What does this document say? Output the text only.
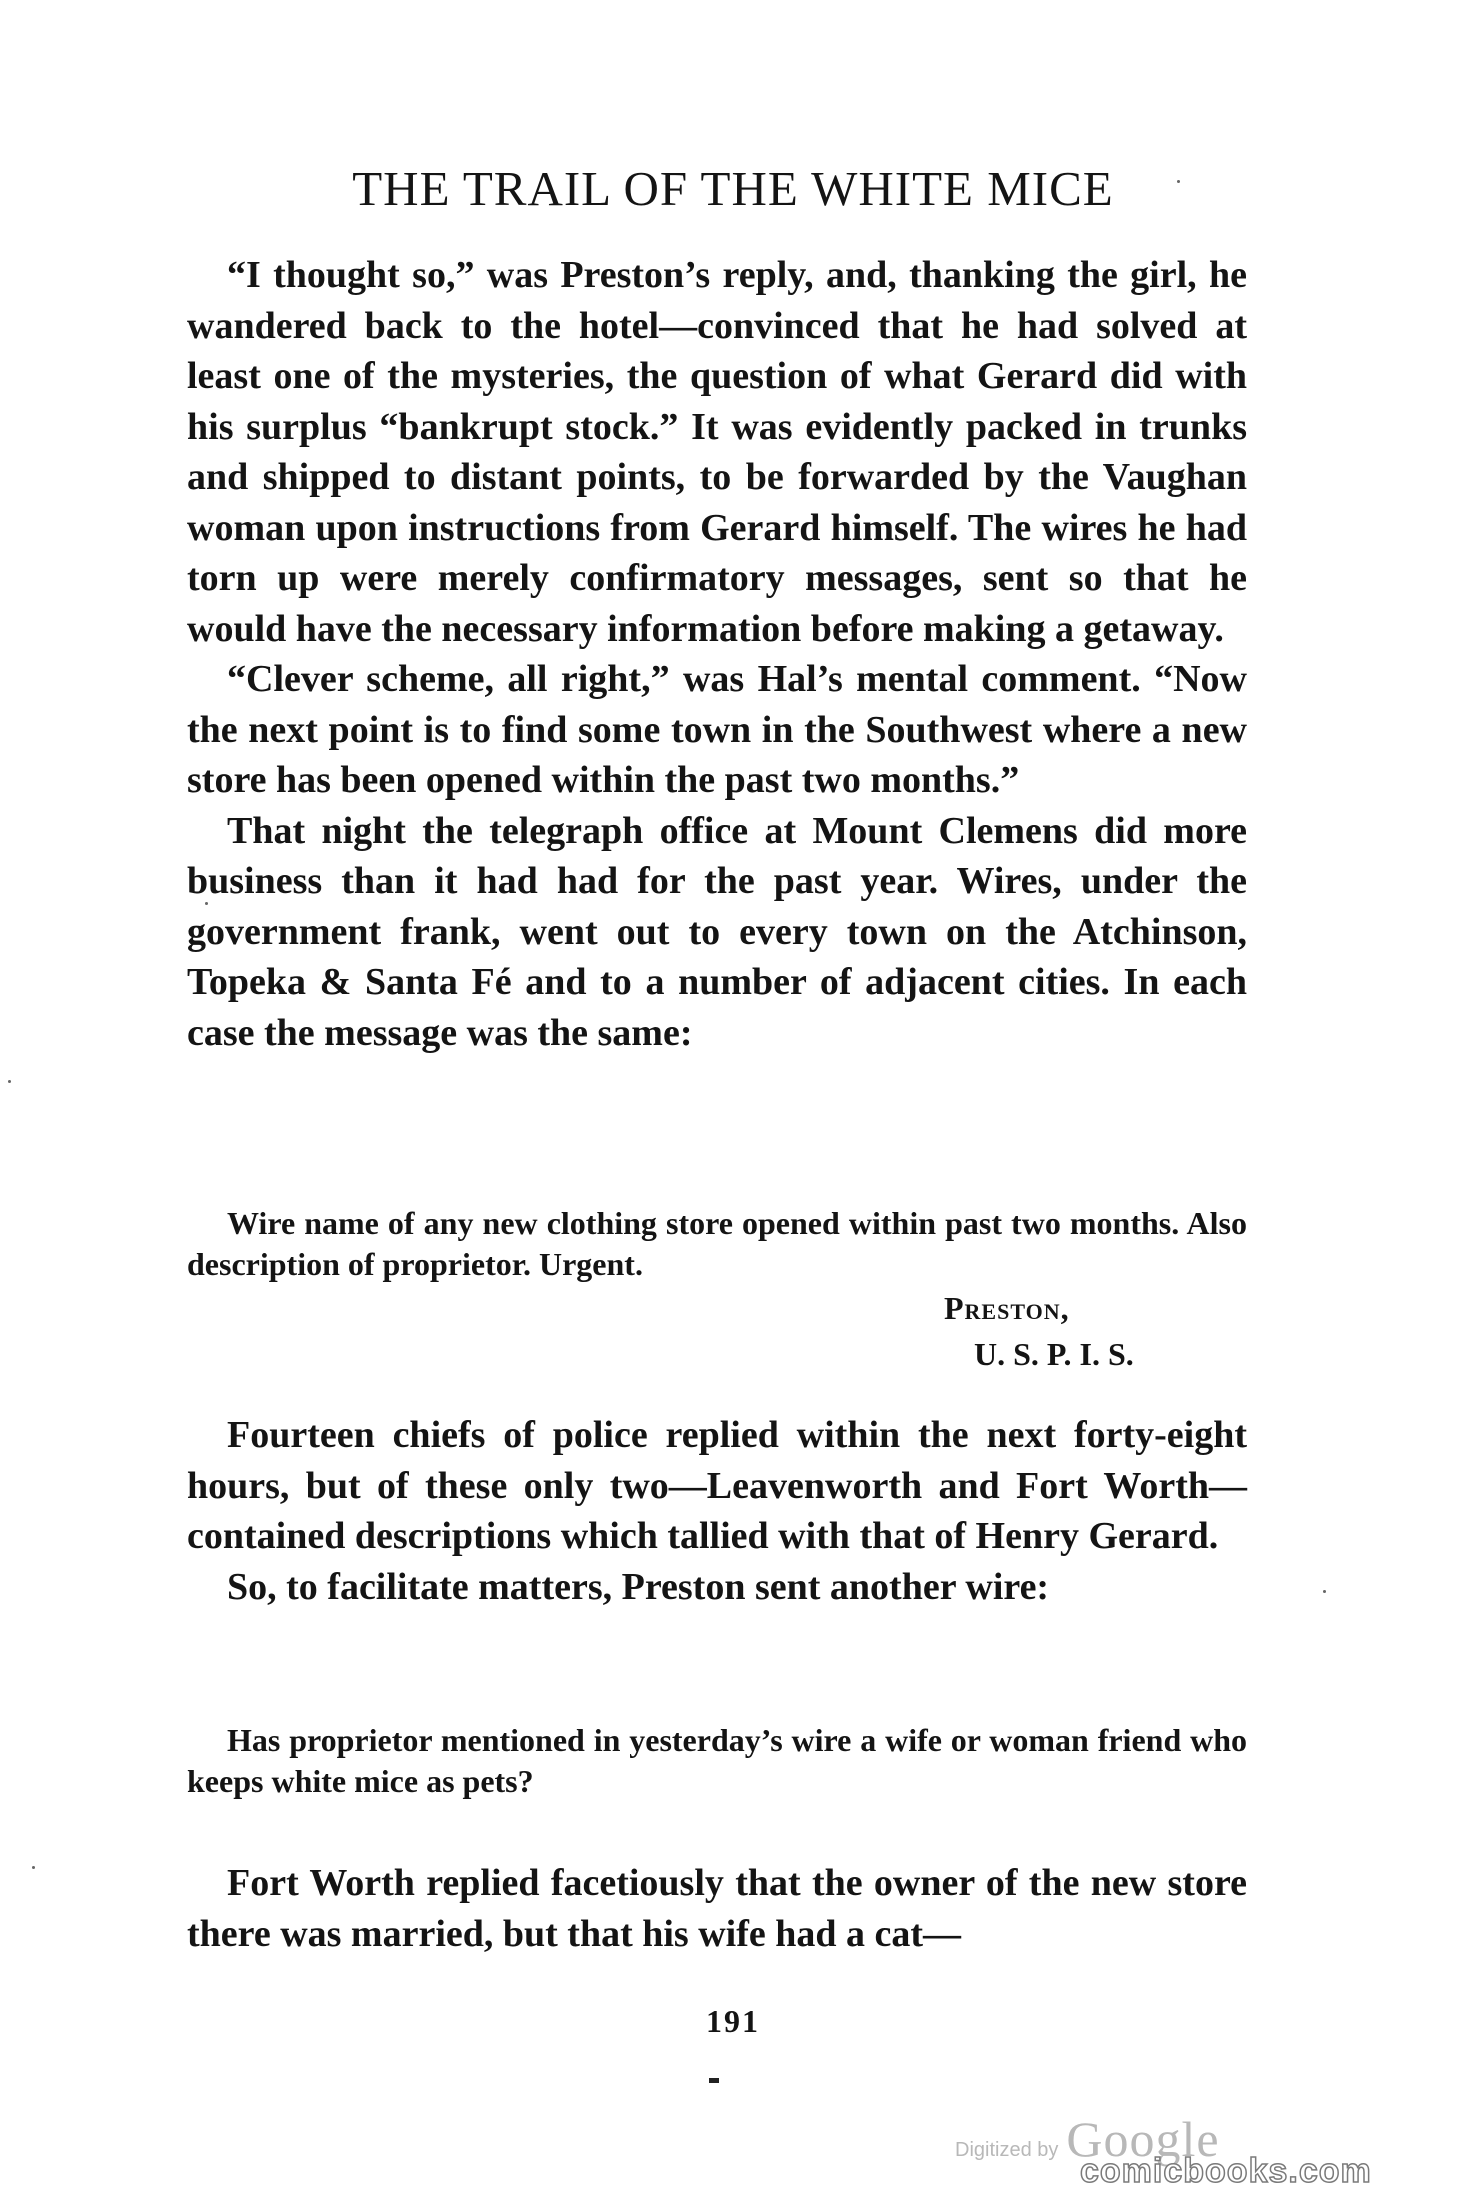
THE TRAIL OF THE WHITE MICE

“I thought so,” was Preston’s reply, and, thanking the girl, he wandered back to the hotel—convinced that he had solved at least one of the mysteries, the question of what Gerard did with his surplus “bankrupt stock.” It was evidently packed in trunks and shipped to distant points, to be forwarded by the Vaughan woman upon instructions from Gerard himself. The wires he had torn up were merely confirmatory messages, sent so that he would have the necessary information before making a getaway.

“Clever scheme, all right,” was Hal’s mental comment. “Now the next point is to find some town in the Southwest where a new store has been opened within the past two months.”

That night the telegraph office at Mount Clemens did more business than it had had for the past year. Wires, under the government frank, went out to every town on the Atchinson, Topeka & Santa Fé and to a number of adjacent cities. In each case the message was the same:

Wire name of any new clothing store opened within past two months. Also description of proprietor. Urgent.

Preston,
U. S. P. I. S.

Fourteen chiefs of police replied within the next forty-eight hours, but of these only two—Leavenworth and Fort Worth—contained descriptions which tallied with that of Henry Gerard.

So, to facilitate matters, Preston sent another wire:

Has proprietor mentioned in yesterday’s wire a wife or woman friend who keeps white mice as pets?

Fort Worth replied facetiously that the owner of the new store there was married, but that his wife had a cat—

191
Digitized by Google
comicbooks.com
